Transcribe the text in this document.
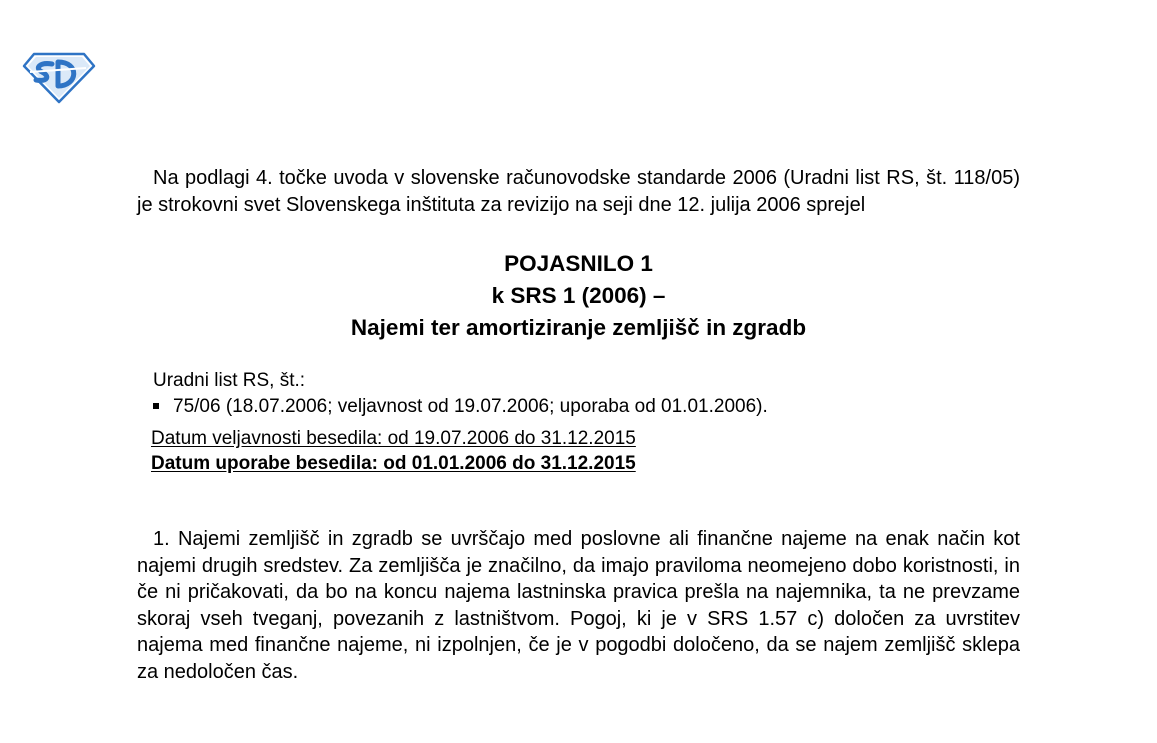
Na podlagi 4. točke uvoda v slovenske računovodske standarde 2006 (Uradni list RS, št. 118/05) je strokovni svet Slovenskega inštituta za revizijo na seji dne 12. julija 2006 sprejel

POJASNILO 1
k SRS 1 (2006) –
Najemi ter amortiziranje zemljišč in zgradb
Uradni list RS, št.:
75/06 (18.07.2006; veljavnost od 19.07.2006; uporaba od 01.01.2006).
Datum veljavnosti besedila: od 19.07.2006 do 31.12.2015
Datum uporabe besedila: od 01.01.2006 do 31.12.2015

1. Najemi zemljišč in zgradb se uvrščajo med poslovne ali finančne najeme na enak način kot najemi drugih sredstev. Za zemljišča je značilno, da imajo praviloma neomejeno dobo koristnosti, in če ni pričakovati, da bo na koncu najema lastninska pravica prešla na najemnika, ta ne prevzame skoraj vseh tveganj, povezanih z lastništvom. Pogoj, ki je v SRS 1.57 c) določen za uvrstitev najema med finančne najeme, ni izpolnjen, če je v pogodbi določeno, da se najem zemljišč sklepa za nedoločen čas.
